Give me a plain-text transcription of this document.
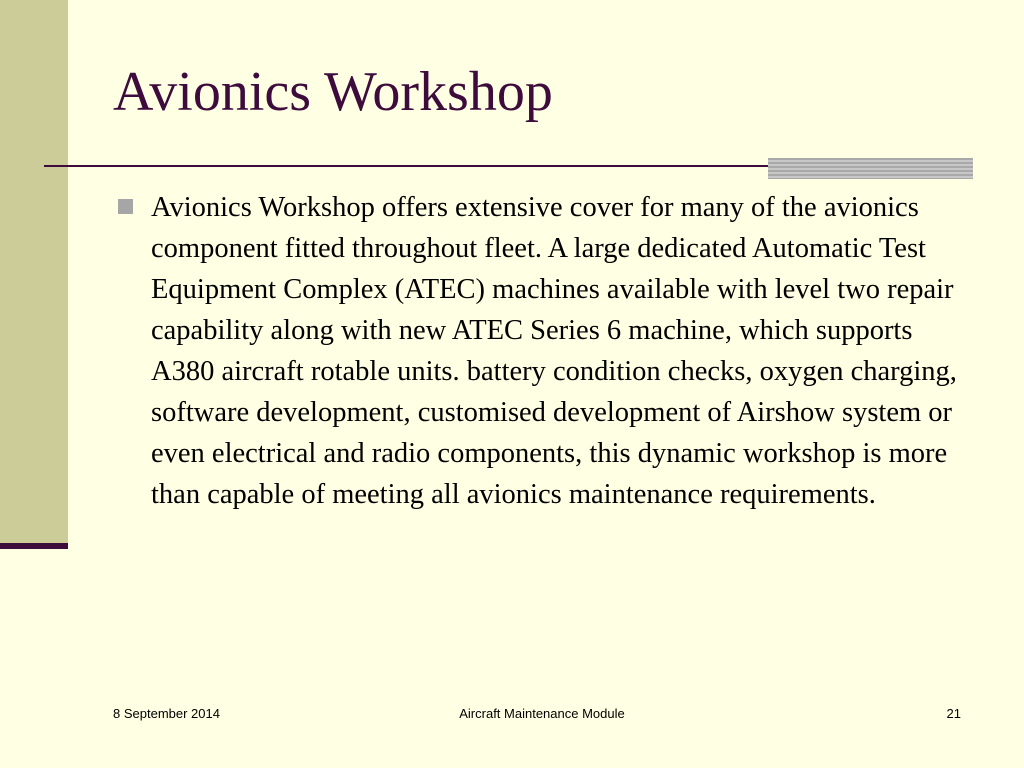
Avionics Workshop
Avionics Workshop offers extensive cover for many of the avionics component fitted throughout fleet. A large dedicated Automatic Test Equipment Complex (ATEC) machines available with level two repair capability along with new ATEC Series 6 machine, which supports A380 aircraft rotable units. battery condition checks, oxygen charging, software development, customised development of Airshow system or even electrical and radio components, this dynamic workshop is more than capable of meeting all avionics maintenance requirements.
8 September 2014	Aircraft Maintenance Module	21
